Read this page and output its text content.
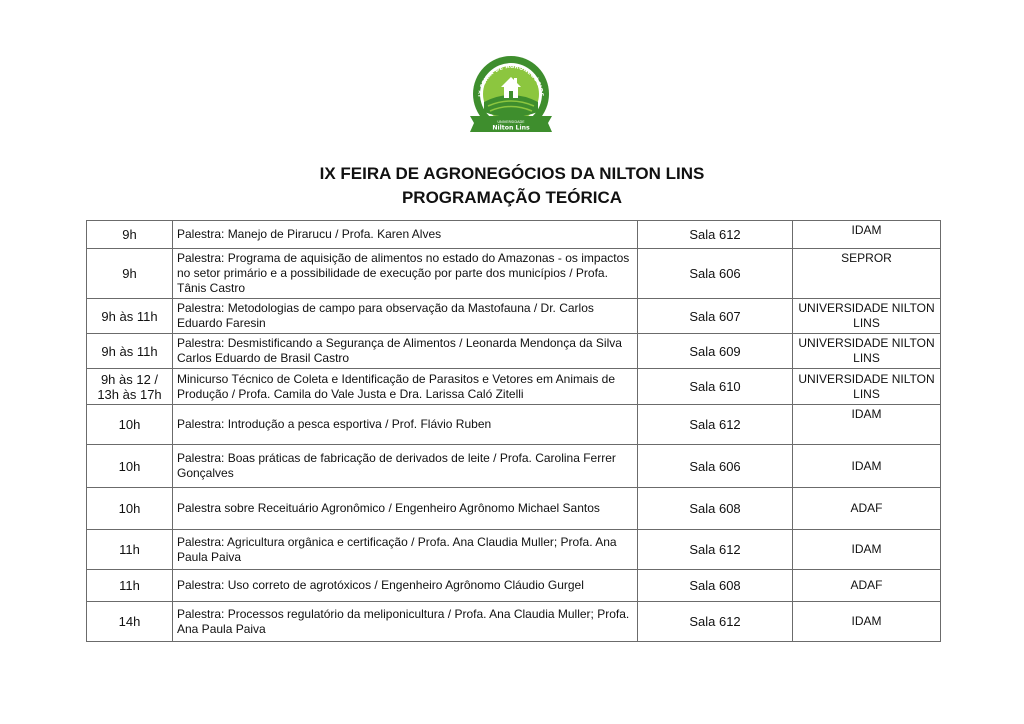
IX FEIRA DE AGRONEGÓCIOS
UNIVERSIDADE
Nilton Lins
IX FEIRA DE AGRONEGÓCIOS DA NILTON LINS
PROGRAMAÇÃO TEÓRICA
9h	Palestra: Manejo de Pirarucu / Profa. Karen Alves	Sala 612	IDAM
9h	Palestra: Programa de aquisição de alimentos no estado do Amazonas - os impactos no setor primário e a possibilidade de execução por parte dos municípios / Profa. Tânis Castro	Sala 606	SEPROR
9h às 11h	Palestra: Metodologias de campo para observação da Mastofauna / Dr. Carlos Eduardo Faresin	Sala 607	UNIVERSIDADE NILTON LINS
9h às 11h	Palestra: Desmistificando a Segurança de Alimentos / Leonarda Mendonça da Silva Carlos Eduardo de Brasil Castro	Sala 609	UNIVERSIDADE NILTON LINS
9h às 12 / 13h às 17h	Minicurso Técnico de Coleta e Identificação de Parasitos e Vetores em Animais de Produção / Profa. Camila do Vale Justa e Dra. Larissa Caló Zitelli	Sala 610	UNIVERSIDADE NILTON LINS
10h	Palestra: Introdução a pesca esportiva / Prof. Flávio Ruben	Sala 612	IDAM
10h	Palestra: Boas práticas de fabricação de derivados de leite / Profa. Carolina Ferrer Gonçalves	Sala 606	IDAM
10h	Palestra sobre Receituário Agronômico / Engenheiro Agrônomo Michael Santos	Sala 608	ADAF
11h	Palestra: Agricultura orgânica e certificação / Profa. Ana Claudia Muller; Profa. Ana Paula Paiva	Sala 612	IDAM
11h	Palestra: Uso correto de agrotóxicos / Engenheiro Agrônomo Cláudio Gurgel	Sala 608	ADAF
14h	Palestra: Processos regulatório da meliponicultura / Profa. Ana Claudia Muller; Profa. Ana Paula Paiva	Sala 612	IDAM
